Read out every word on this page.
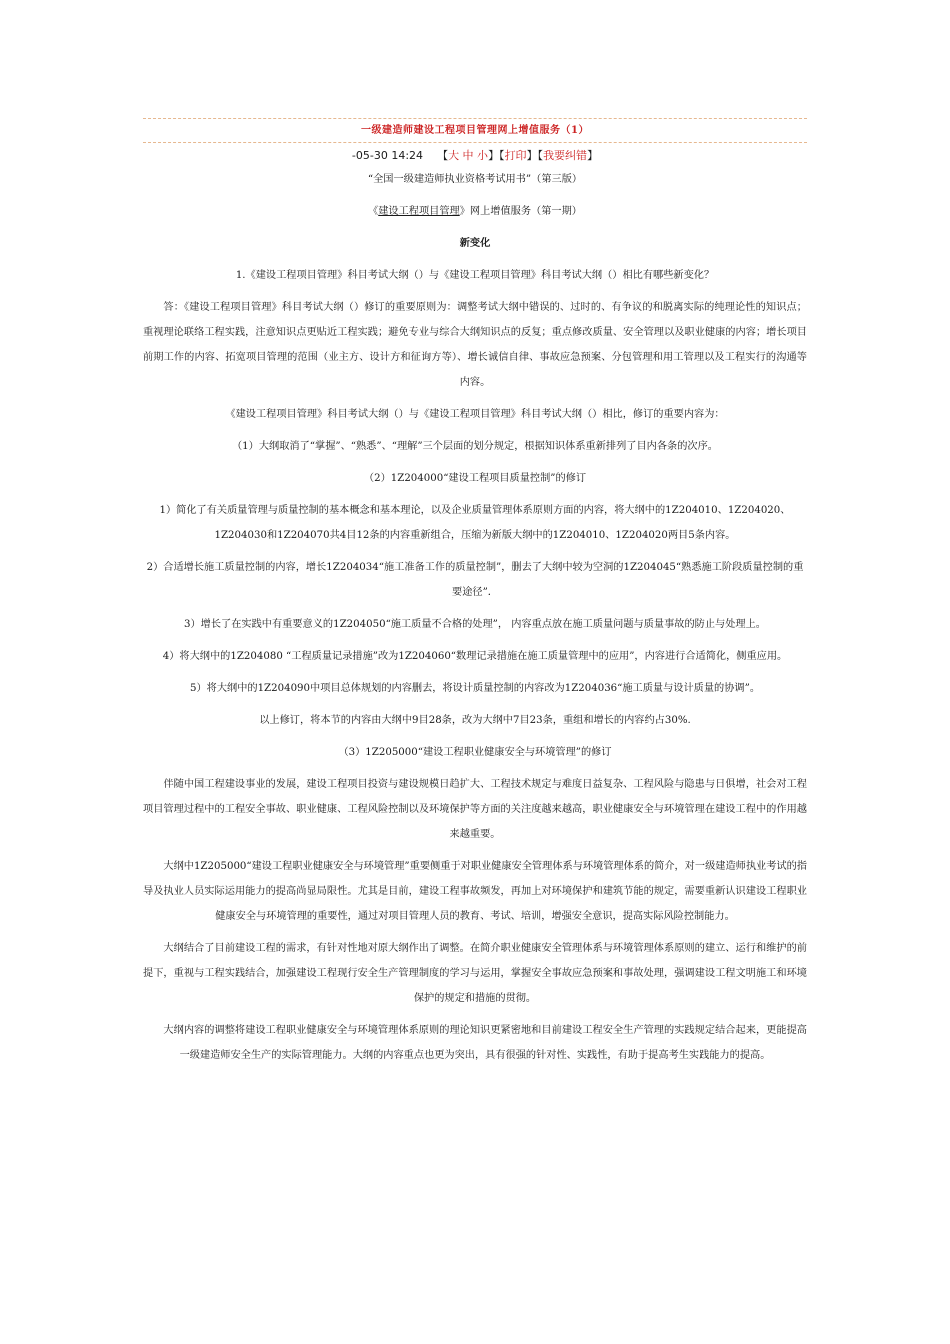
一级建造师建设工程项目管理网上增值服务（1）
-05-30 14:24 【大 中 小】【打印】【我要纠错】

“全国一级建造师执业资格考试用书”（第三版）

《建设工程项目管理》网上增值服务（第一期）

新变化

1.《建设工程项目管理》科目考试大纲（）与《建设工程项目管理》科目考试大纲（）相比有哪些新变化？

答：《建设工程项目管理》科目考试大纲（）修订的重要原则为：调整考试大纲中错误的、过时的、有争议的和脱离实际的纯理论性的知识点；重视理论联络工程实践，注意知识点更贴近工程实践；避免专业与综合大纲知识点的反复；重点修改质量、安全管理以及职业健康的内容；增长项目前期工作的内容、拓宽项目管理的范围（业主方、设计方和征询方等）、增长诚信自律、事故应急预案、分包管理和用工管理以及工程实行的沟通等内容。

《建设工程项目管理》科目考试大纲（）与《建设工程项目管理》科目考试大纲（）相比，修订的重要内容为：

（1）大纲取消了“掌握”、“熟悉”、“理解”三个层面的划分规定，根据知识体系重新排列了目内各条的次序。

（2）1Z204000“建设工程项目质量控制”的修订

1）简化了有关质量管理与质量控制的基本概念和基本理论，以及企业质量管理体系原则方面的内容，将大纲中的1Z204010、1Z204020、1Z204030和1Z204070共4目12条的内容重新组合，压缩为新版大纲中的1Z204010、1Z204020两目5条内容。

2）合适增长施工质量控制的内容，增长1Z204034“施工准备工作的质量控制”，删去了大纲中较为空洞的1Z204045“熟悉施工阶段质量控制的重要途径”．

3）增长了在实践中有重要意义的1Z204050“施工质量不合格的处理”， 内容重点放在施工质量问题与质量事故的防止与处理上。

4）将大纲中的1Z204080 “工程质量记录措施”改为1Z204060“数理记录措施在施工质量管理中的应用”，内容进行合适简化，侧重应用。

5）将大纲中的1Z204090中项目总体规划的内容删去，将设计质量控制的内容改为1Z204036“施工质量与设计质量的协调”。

以上修订，将本节的内容由大纲中9目28条，改为大纲中7目23条，重组和增长的内容约占30%.

（3）1Z205000“建设工程职业健康安全与环境管理”的修订

伴随中国工程建设事业的发展，建设工程项目投资与建设规模日趋扩大、工程技术规定与难度日益复杂、工程风险与隐患与日俱增，社会对工程项目管理过程中的工程安全事故、职业健康、工程风险控制以及环境保护等方面的关注度越来越高，职业健康安全与环境管理在建设工程中的作用越来越重要。

大纲中1Z205000“建设工程职业健康安全与环境管理”重要侧重于对职业健康安全管理体系与环境管理体系的简介，对一级建造师执业考试的指导及执业人员实际运用能力的提高尚显局限性。尤其是目前，建设工程事故频发，再加上对环境保护和建筑节能的规定，需要重新认识建设工程职业健康安全与环境管理的重要性，通过对项目管理人员的教育、考试、培训，增强安全意识，提高实际风险控制能力。

大纲结合了目前建设工程的需求，有针对性地对原大纲作出了调整。在简介职业健康安全管理体系与环境管理体系原则的建立、运行和维护的前提下，重视与工程实践结合，加强建设工程现行安全生产管理制度的学习与运用，掌握安全事故应急预案和事故处理，强调建设工程文明施工和环境保护的规定和措施的贯彻。

大纲内容的调整将建设工程职业健康安全与环境管理体系原则的理论知识更紧密地和目前建设工程安全生产管理的实践规定结合起来，更能提高一级建造师安全生产的实际管理能力。大纲的内容重点也更为突出，具有很强的针对性、实践性，有助于提高考生实践能力的提高。
